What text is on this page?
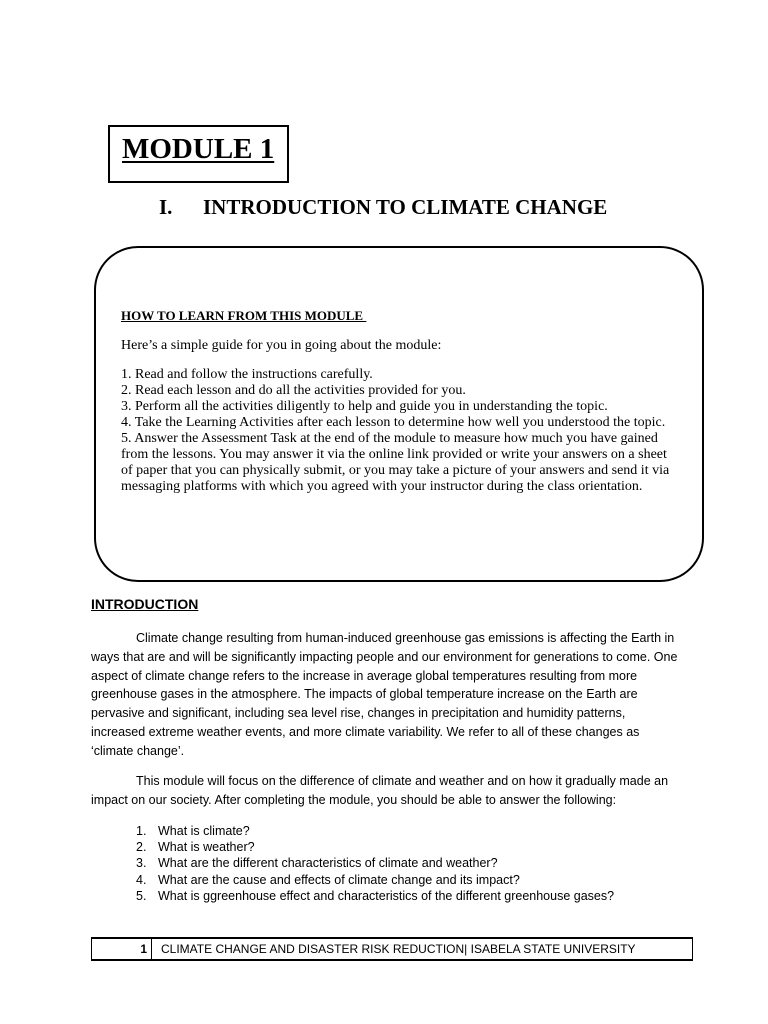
MODULE 1
I. INTRODUCTION TO CLIMATE CHANGE

HOW TO LEARN FROM THIS MODULE

Here’s a simple guide for you in going about the module:

1. Read and follow the instructions carefully.
2. Read each lesson and do all the activities provided for you.
3. Perform all the activities diligently to help and guide you in understanding the topic.
4. Take the Learning Activities after each lesson to determine how well you understood the topic.
5. Answer the Assessment Task at the end of the module to measure how much you have gained from the lessons. You may answer it via the online link provided or write your answers on a sheet of paper that you can physically submit, or you may take a picture of your answers and send it via messaging platforms with which you agreed with your instructor during the class orientation.
INTRODUCTION

Climate change resulting from human-induced greenhouse gas emissions is affecting the Earth in ways that are and will be significantly impacting people and our environment for generations to come. One aspect of climate change refers to the increase in average global temperatures resulting from more greenhouse gases in the atmosphere. The impacts of global temperature increase on the Earth are pervasive and significant, including sea level rise, changes in precipitation and humidity patterns, increased extreme weather events, and more climate variability. We refer to all of these changes as ‘climate change’.

This module will focus on the difference of climate and weather and on how it gradually made an impact on our society. After completing the module, you should be able to answer the following:

1. What is climate?
2. What is weather?
3. What are the different characteristics of climate and weather?
4. What are the cause and effects of climate change and its impact?
5. What is ggreenhouse effect and characteristics of the different greenhouse gases?
1	CLIMATE CHANGE AND DISASTER RISK REDUCTION| ISABELA STATE UNIVERSITY
